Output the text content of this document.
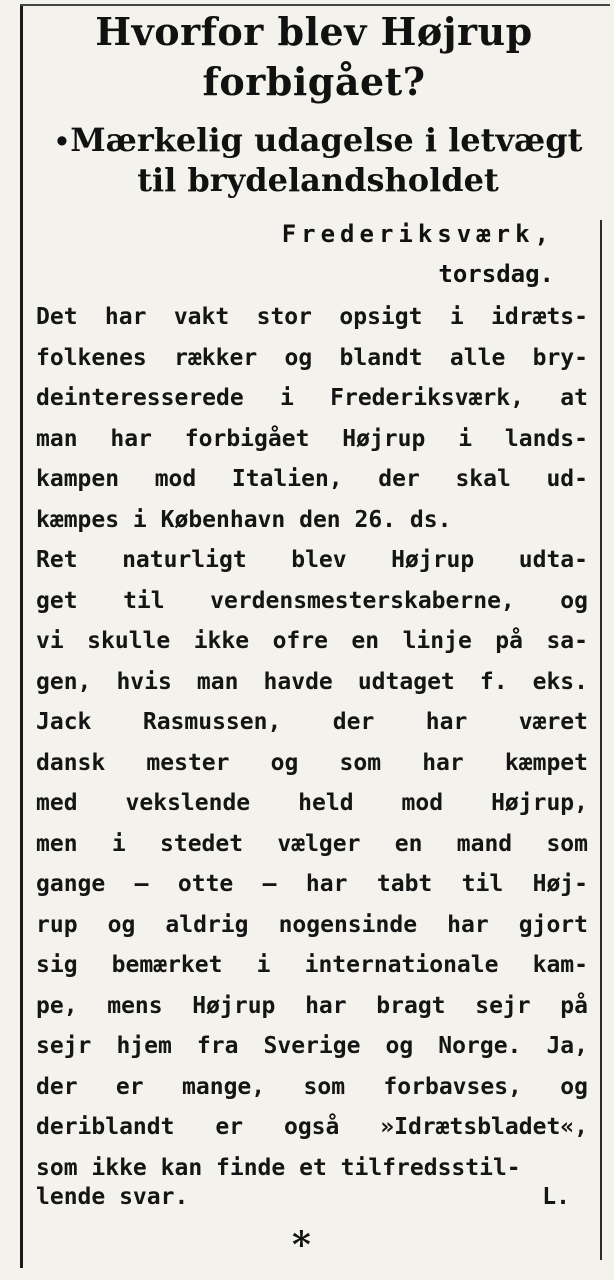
Hvorfor blev Højrup
forbigået?
•Mærkelig udagelse i letvægt
til brydelandsholdet
Frederiksværk,
torsdag.
Det har vakt stor opsigt i idræts-
folkenes rækker og blandt alle bry-
deinteresserede i Frederiksværk, at
man har forbigået Højrup i lands-
kampen mod Italien, der skal ud-
kæmpes i København den 26. ds.
Ret naturligt blev Højrup udta-
get til verdensmesterskaberne, og
vi skulle ikke ofre en linje på sa-
gen, hvis man havde udtaget f. eks.
Jack Rasmussen, der har været
dansk mester og som har kæmpet
med vekslende held mod Højrup,
men i stedet vælger en mand som
gange — otte — har tabt til Høj-
rup og aldrig nogensinde har gjort
sig bemærket i internationale kam-
pe, mens Højrup har bragt sejr på
sejr hjem fra Sverige og Norge. Ja,
der er mange, som forbavses, og
deriblandt er også »Idrætsbladet«,
som ikke kan finde et tilfredsstil-
lende svar.	L.
*
